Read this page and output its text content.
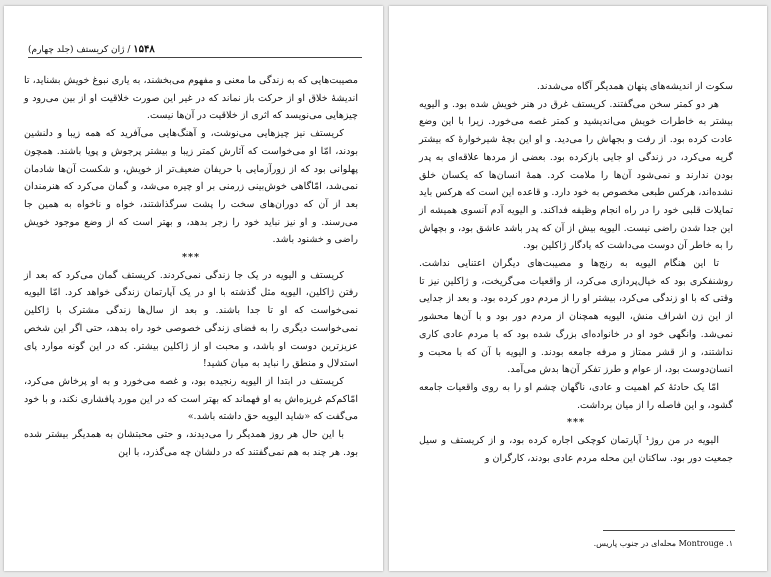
۱۵۴۸ / ژان کریستف (جلد چهارم)

مصیبت‌هایی که به زندگی ما معنی و مفهوم می‌بخشند، به یاری نبوغ خویش بشناید، تا اندیشهٔ خلاق او از حرکت باز نماند که در غیر این صورت خلاقیت او از بین می‌رود و چیزهایی می‌نویسد که اثری از خلاقیت در آن‌ها نیست.

کریستف نیز چیزهایی می‌نوشت، و آهنگ‌هایی می‌آفرید که همه زیبا و دلنشین بودند، امّا او می‌خواست که آثارش کمتر زیبا و بیشتر پرجوش و پویا باشند. همچون پهلوانی بود که از زورآزمایی با حریفان ضعیف‌تر از خویش، و شکست آن‌ها شادمان نمی‌شد، امّاگاهی خوش‌بینی زرمنی بر او چیره می‌شد، و گمان می‌کرد که هنرمندان بعد از آن که دوران‌های سخت را پشت سرگذاشتند، خواه و ناخواه به همین جا می‌رسند. و او نیز نباید خود را زجر بدهد، و بهتر است که از وضع موجود خویش راضی و خشنود باشد.

***

کریستف و الیویه در یک جا زندگی نمی‌کردند. کریستف گمان می‌کرد که بعد از رفتن ژاکلین، الیویه مثل گذشته با او در یک آپارتمان زندگی خواهد کرد. امّا الیویه نمی‌خواست که او تا جدا باشند. و بعد از سال‌ها زندگی مشترک با ژاکلین نمی‌خواست دیگری را به فضای زندگی خصوصی خود راه بدهد، حتی اگر این شخص عزیزترین دوست او باشد، و محبت او از ژاکلین بیشتر. که در این گونه موارد پای استدلال و منطق را نباید به میان کشید!

کریستف در ابتدا از الیویه رنجیده بود، و غصه می‌خورد و به او پرخاش می‌کرد، امّاکم‌کم غریزه‌اش به او فهماند که بهتر است که در این مورد پافشاری نکند، و با خود می‌گفت که «شاید الیویه حق داشته باشد.»

با این حال هر روز همدیگر را می‌دیدند، و حتی محبتشان به همدیگر بیشتر شده بود. هر چند به هم نمی‌گفتند که در دلشان چه می‌گذرد، با این

سکوت از اندیشه‌های پنهان همدیگر آگاه می‌شدند.

هر دو کمتر سخن می‌گفتند. کریستف غرق در هنر خویش شده بود. و الیویه بیشتر به خاطرات خویش می‌اندیشید و کمتر غصه می‌خورد. زیرا با این وضع عادت کرده بود. از رفت و بجهاش را می‌دید. و او این بچهٔ شیرخوارهٔ که بیشتر گریه می‌کرد، در زندگی او جایی بازکرده بود. بعضی از مردها علاقه‌ای به پدر بودن ندارند و نمی‌شود آن‌ها را ملامت کرد. همهٔ انسان‌ها که یکسان خلق نشده‌اند، هرکس طبعی مخصوص به خود دارد. و قاعده این است که هرکس باید تمایلات قلبی خود را در راه انجام وظیفه فداکند. و الیویه آدم آنسوی همیشه از این جدا شدن راضی نیست. الیویه بیش از آن که پدر باشد عاشق بود، و بچهاش را به خاطر آن دوست می‌داشت که یادگار ژاکلین بود.

تا این هنگام الیویه به رنج‌ها و مصیبت‌های دیگران اعتنایی نداشت. روشنفکری بود که خیال‌پردازی می‌کرد، از واقعیات می‌گریخت، و ژاکلین نیز تا وقتی که با او زندگی می‌کرد، بیشتر او را از مردم دور کرده بود. و بعد از جدایی از این زن اشراف منش، الیویه همچنان از مردم دور بود و با آن‌ها محشور نمی‌شد. وانگهی خود او در خانواده‌ای بزرگ شده بود که با مردم عادی کاری نداشتند، و از قشر ممتاز و مرفه جامعه بودند. و الیویه با آن که با محبت و انسان‌دوست بود، از عوام و طرز تفکر آن‌ها بدش می‌آمد.

امّا یک حادثهٔ کم اهمیت و عادی، ناگهان چشم او را به روی واقعیات جامعه گشود، و این فاصله را از میان برداشت.

***

الیویه در من روژ¹ آپارتمان کوچکی اجاره کرده بود، و از کریستف و سیل جمعیت دور بود. ساکنان این محله مردم عادی بودند، کارگران و

۱. Montrouge محله‌ای در جنوب پاریس.
